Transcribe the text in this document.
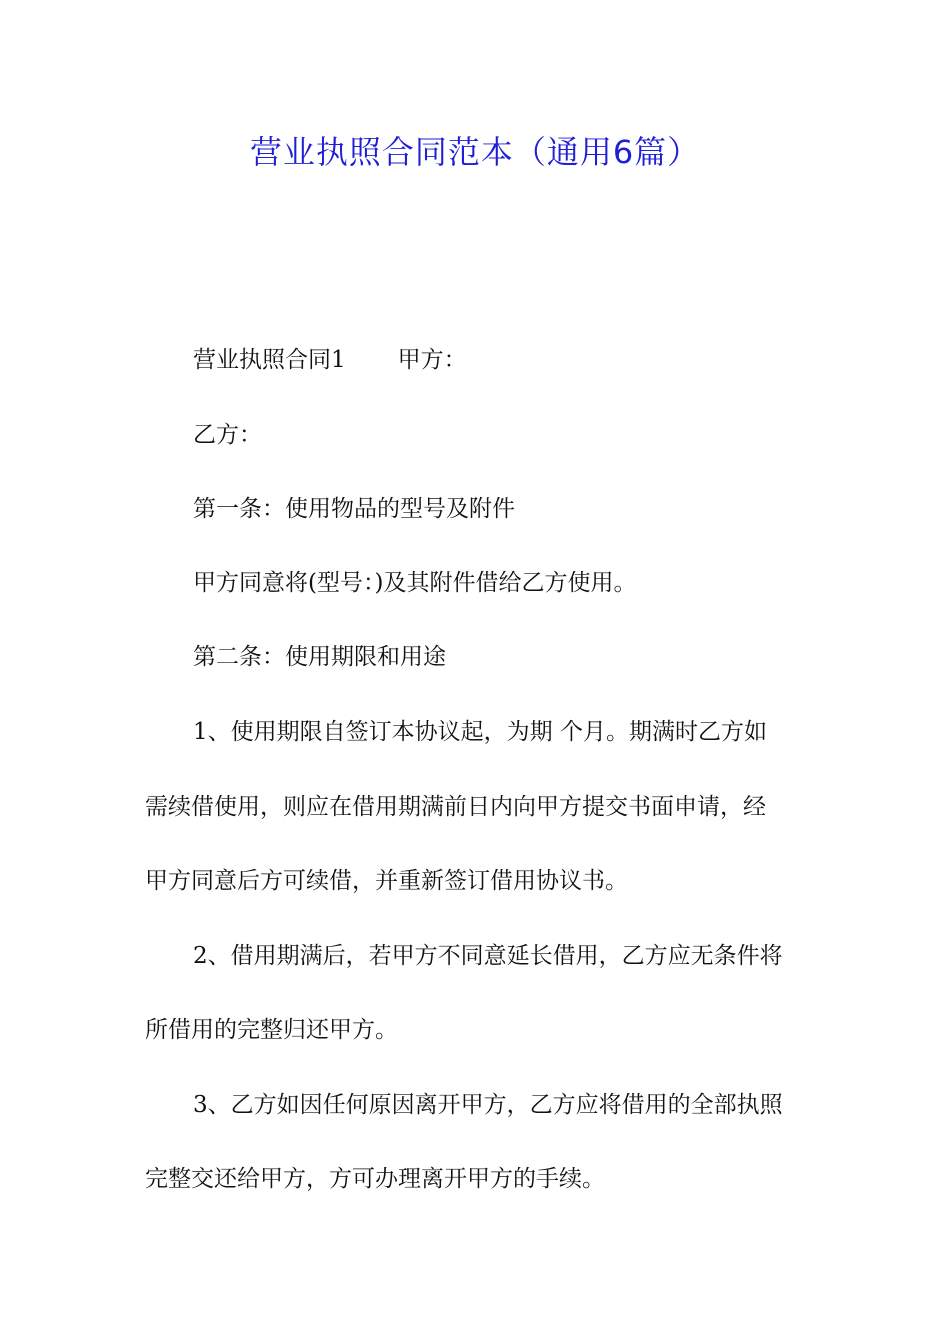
营业执照合同范本（通用6篇）
营业执照合同1 甲方：
乙方：
第一条：使用物品的型号及附件
甲方同意将(型号：)及其附件借给乙方使用。
第二条：使用期限和用途
1、使用期限自签订本协议起，为期 个月。期满时乙方如
需续借使用，则应在借用期满前日内向甲方提交书面申请，经
甲方同意后方可续借，并重新签订借用协议书。
2、借用期满后，若甲方不同意延长借用，乙方应无条件将
所借用的完整归还甲方。
3、乙方如因任何原因离开甲方，乙方应将借用的全部执照
完整交还给甲方，方可办理离开甲方的手续。
